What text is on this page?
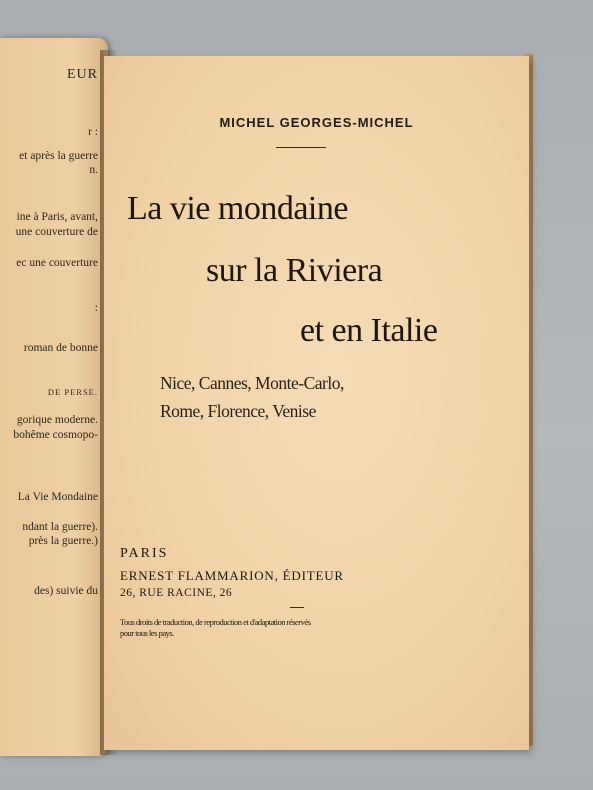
EUR
r :
et après la guerre
n.
ine à Paris, avant,
une couverture de
ec une couverture
:
roman de bonne
DE PERSE.
gorique moderne.
bohême cosmopo-
La Vie Mondaine
ndant la guerre).
près la guerre.)
des) suivie du
MICHEL GEORGES-MICHEL
La vie mondaine
sur la Riviera
et en Italie
Nice, Cannes, Monte-Carlo,
Rome, Florence, Venise
PARIS
ERNEST FLAMMARION, ÉDITEUR
26, RUE RACINE, 26
Tous droits de traduction, de reproduction et d'adaptation réservés
pour tous les pays.
